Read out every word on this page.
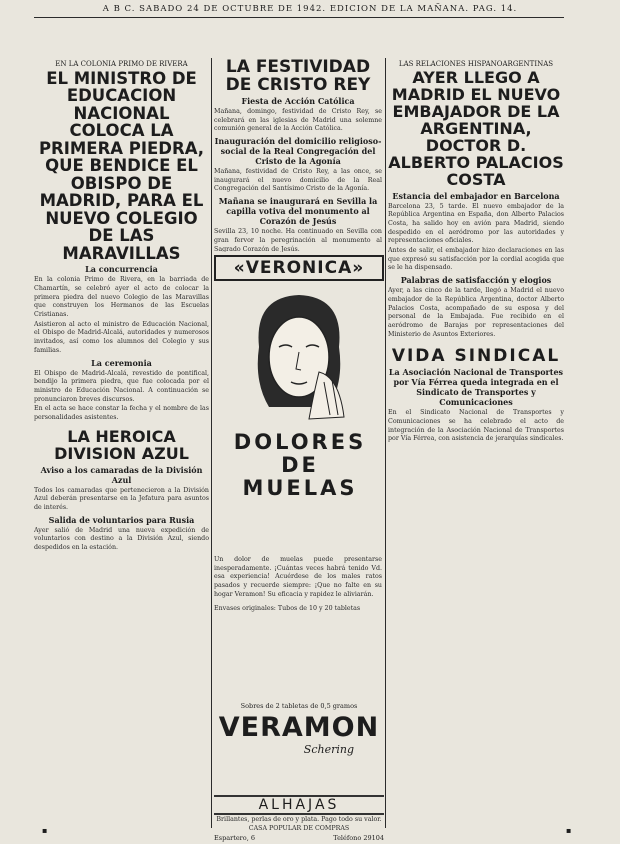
A B C. SABADO 24 DE OCTUBRE DE 1942. EDICION DE LA MAÑANA. PAG. 14.
EN LA COLONIA PRIMO DE RIVERA
EL MINISTRO DE EDUCACION NACIONAL COLOCA LA PRIMERA PIEDRA, QUE BENDICE EL OBISPO DE MADRID, PARA EL NUEVO COLEGIO DE LAS MARAVILLAS
La concurrencia

En la colonia Primo de Rivera, en la barriada de Chamartín, se celebró ayer el acto de colocar la primera piedra del nuevo Colegio de las Maravillas que construyen los Hermanos de las Escuelas Cristianas.

Asistieron al acto el ministro de Educación Nacional, el Obispo de Madrid-Alcalá, autoridades y numerosos invitados, así como los alumnos del Colegio y sus familias.

La ceremonia

El Obispo de Madrid-Alcalá, revestido de pontifical, bendijo la primera piedra, que fue colocada por el ministro de Educación Nacional. A continuación se pronunciaron breves discursos.

En el acta se hace constar la fecha y el nombre de las personalidades asistentes.

LA HEROICA DIVISION AZUL
Aviso a los camaradas de la División Azul

Todos los camaradas que pertenecieron a la División Azul deberán presentarse en la Jefatura para asuntos de interés.

Salida de voluntarios para Rusia

Ayer salió de Madrid una nueva expedición de voluntarios con destino a la División Azul, siendo despedidos en la estación.

LA FESTIVIDAD DE CRISTO REY
Fiesta de Acción Católica

Mañana, domingo, festividad de Cristo Rey, se celebrará en las iglesias de Madrid una solemne comunión general de la Acción Católica.

Inauguración del domicilio religioso-social de la Real Congregación del Cristo de la Agonía

Mañana, festividad de Cristo Rey, a las once, se inaugurará el nuevo domicilio de la Real Congregación del Santísimo Cristo de la Agonía.

Mañana se inaugurará en Sevilla la capilla votiva del monumento al Corazón de Jesús

Sevilla 23, 10 noche. Ha continuado en Sevilla con gran fervor la peregrinación al monumento al Sagrado Corazón de Jesús.

«VERONICA»
DOLORES DE MUELAS

Un dolor de muelas puede presentarse inesperadamente. ¡Cuántas veces habrá tenido Vd. esa experiencia! Acuérdese de los males ratos pasados y recuerde siempre: ¡Que no falte en su hogar Veramon! Su eficacia y rapidez le aliviarán.

Envases originales: Tubos de 10 y 20 tabletas

Sobres de 2 tabletas de 0,5 gramos
VERAMON
Schering
ALHAJAS
Brillantes, perlas de oro y plata. Pago todo su valor. CASA POPULAR DE COMPRAS
Espartero, 6	Teléfono 29104
LAS RELACIONES HISPANOARGENTINAS
AYER LLEGO A MADRID EL NUEVO EMBAJADOR DE LA ARGENTINA, DOCTOR D. ALBERTO PALACIOS COSTA
Estancia del embajador en Barcelona

Barcelona 23, 5 tarde. El nuevo embajador de la República Argentina en España, don Alberto Palacios Costa, ha salido hoy en avión para Madrid, siendo despedido en el aeródromo por las autoridades y representaciones oficiales.

Antes de salir, el embajador hizo declaraciones en las que expresó su satisfacción por la cordial acogida que se le ha dispensado.

Palabras de satisfacción y elogios

Ayer, a las cinco de la tarde, llegó a Madrid el nuevo embajador de la República Argentina, doctor Alberto Palacios Costa, acompañado de su esposa y del personal de la Embajada. Fue recibido en el aeródromo de Barajas por representaciones del Ministerio de Asuntos Exteriores.

VIDA SINDICAL
La Asociación Nacional de Transportes por Vía Férrea queda integrada en el Sindicato de Transportes y Comunicaciones

En el Sindicato Nacional de Transportes y Comunicaciones se ha celebrado el acto de integración de la Asociación Nacional de Transportes por Vía Férrea, con asistencia de jerarquías sindicales.

▪	▪
